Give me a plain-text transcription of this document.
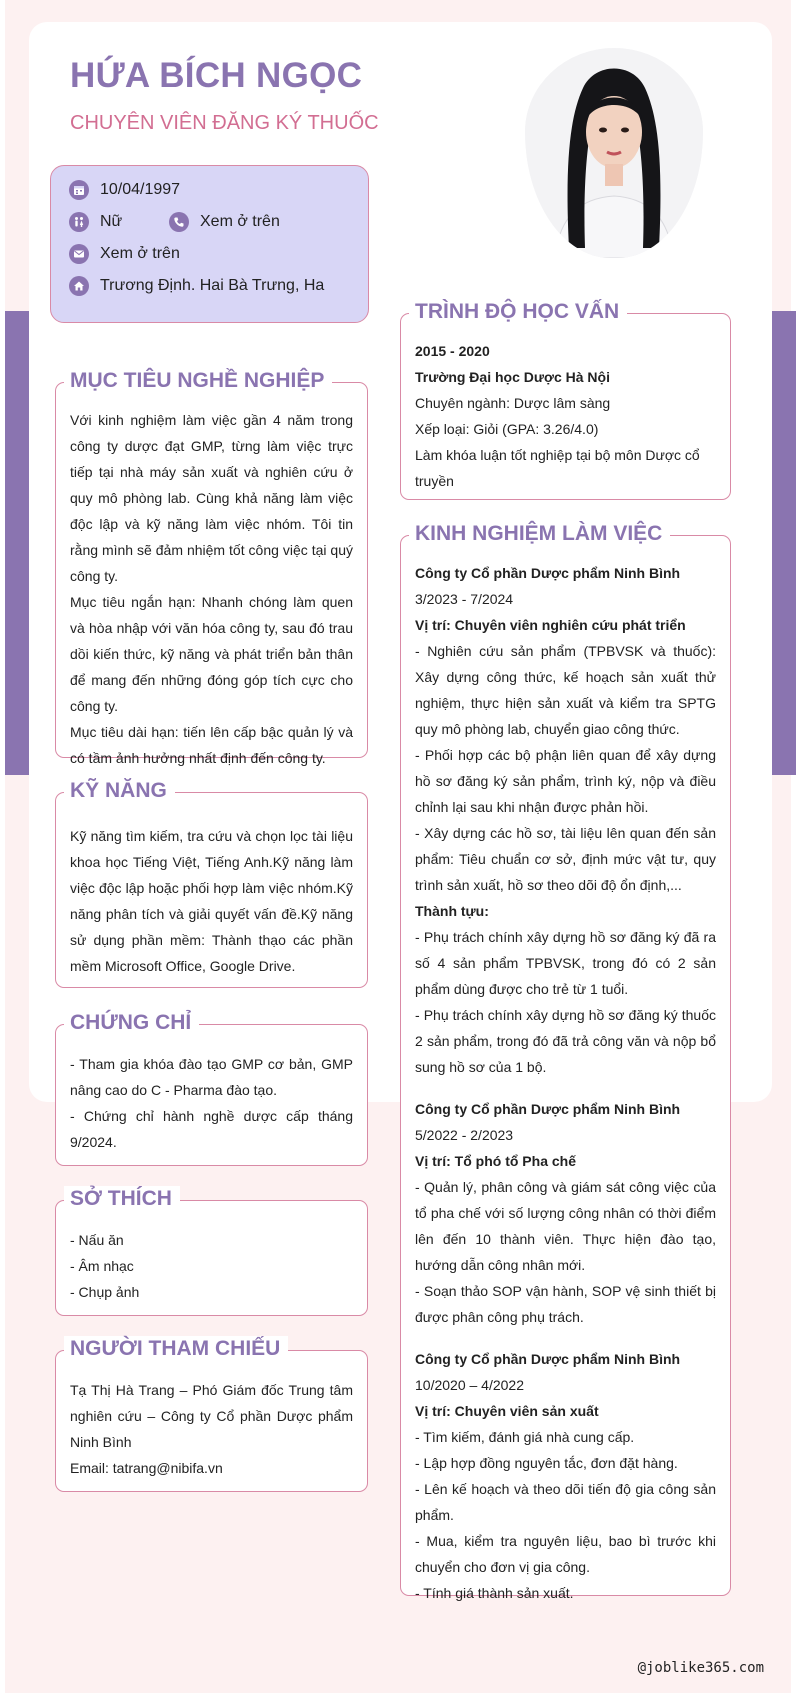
HỨA BÍCH NGỌC
CHUYÊN VIÊN ĐĂNG KÝ THUỐC
10/04/1997
Nữ	Xem ở trên
Xem ở trên
Trương Định. Hai Bà Trưng, Ha
MỤC TIÊU NGHỀ NGHIỆP

Với kinh nghiệm làm việc gần 4 năm trong công ty dược đạt GMP, từng làm việc trực tiếp tại nhà máy sản xuất và nghiên cứu ở quy mô phòng lab. Cùng khả năng làm việc độc lập và kỹ năng làm việc nhóm. Tôi tin rằng mình sẽ đảm nhiệm tốt công việc tại quý công ty.

Mục tiêu ngắn hạn: Nhanh chóng làm quen và hòa nhập với văn hóa công ty, sau đó trau dồi kiến thức, kỹ năng và phát triển bản thân để mang đến những đóng góp tích cực cho công ty.

Mục tiêu dài hạn: tiến lên cấp bậc quản lý và có tầm ảnh hưởng nhất định đến công ty.

KỸ NĂNG

Kỹ năng tìm kiếm, tra cứu và chọn lọc tài liệu khoa học Tiếng Việt, Tiếng Anh.Kỹ năng làm việc độc lập hoặc phối hợp làm việc nhóm.Kỹ năng phân tích và giải quyết vấn đề.Kỹ năng sử dụng phần mềm: Thành thạo các phần mềm Microsoft Office, Google Drive.

CHỨNG CHỈ

- Tham gia khóa đào tạo GMP cơ bản, GMP nâng cao do C - Pharma đào tạo.

- Chứng chỉ hành nghề dược cấp tháng 9/2024.

SỞ THÍCH

- Nấu ăn

- Âm nhạc

- Chụp ảnh

NGƯỜI THAM CHIẾU

Tạ Thị Hà Trang – Phó Giám đốc Trung tâm nghiên cứu – Công ty Cổ phần Dược phẩm Ninh Bình

Email: tatrang@nibifa.vn

TRÌNH ĐỘ HỌC VẤN

2015 - 2020

Trường Đại học Dược Hà Nội

Chuyên ngành: Dược lâm sàng

Xếp loại: Giỏi (GPA: 3.26/4.0)

Làm khóa luận tốt nghiệp tại bộ môn Dược cổ truyền

KINH NGHIỆM LÀM VIỆC

Công ty Cổ phần Dược phẩm Ninh Bình

3/2023 - 7/2024

Vị trí: Chuyên viên nghiên cứu phát triển

- Nghiên cứu sản phẩm (TPBVSK và thuốc): Xây dựng công thức, kế hoạch sản xuất thử nghiệm, thực hiện sản xuất và kiểm tra SPTG quy mô phòng lab, chuyển giao công thức.

- Phối hợp các bộ phận liên quan để xây dựng hồ sơ đăng ký sản phẩm, trình ký, nộp và điều chỉnh lại sau khi nhận được phản hồi.

- Xây dựng các hồ sơ, tài liệu lên quan đến sản phẩm: Tiêu chuẩn cơ sở, định mức vật tư, quy trình sản xuất, hồ sơ theo dõi độ ổn định,...

Thành tựu:

- Phụ trách chính xây dựng hồ sơ đăng ký đã ra số 4 sản phẩm TPBVSK, trong đó có 2 sản phẩm dùng được cho trẻ từ 1 tuổi.

- Phụ trách chính xây dựng hồ sơ đăng ký thuốc 2 sản phẩm, trong đó đã trả công văn và nộp bổ sung hồ sơ của 1 bộ.

Công ty Cổ phần Dược phẩm Ninh Bình

5/2022 - 2/2023

Vị trí: Tổ phó tổ Pha chế

- Quản lý, phân công và giám sát công việc của tổ pha chế với số lượng công nhân có thời điểm lên đến 10 thành viên. Thực hiện đào tạo, hướng dẫn công nhân mới.

- Soạn thảo SOP vận hành, SOP vệ sinh thiết bị được phân công phụ trách.

Công ty Cổ phần Dược phẩm Ninh Bình

10/2020 – 4/2022

Vị trí: Chuyên viên sản xuất

- Tìm kiếm, đánh giá nhà cung cấp.

- Lập hợp đồng nguyên tắc, đơn đặt hàng.

- Lên kế hoạch và theo dõi tiến độ gia công sản phẩm.

- Mua, kiểm tra nguyên liệu, bao bì trước khi chuyển cho đơn vị gia công.

- Tính giá thành sản xuất.

@joblike365.com
